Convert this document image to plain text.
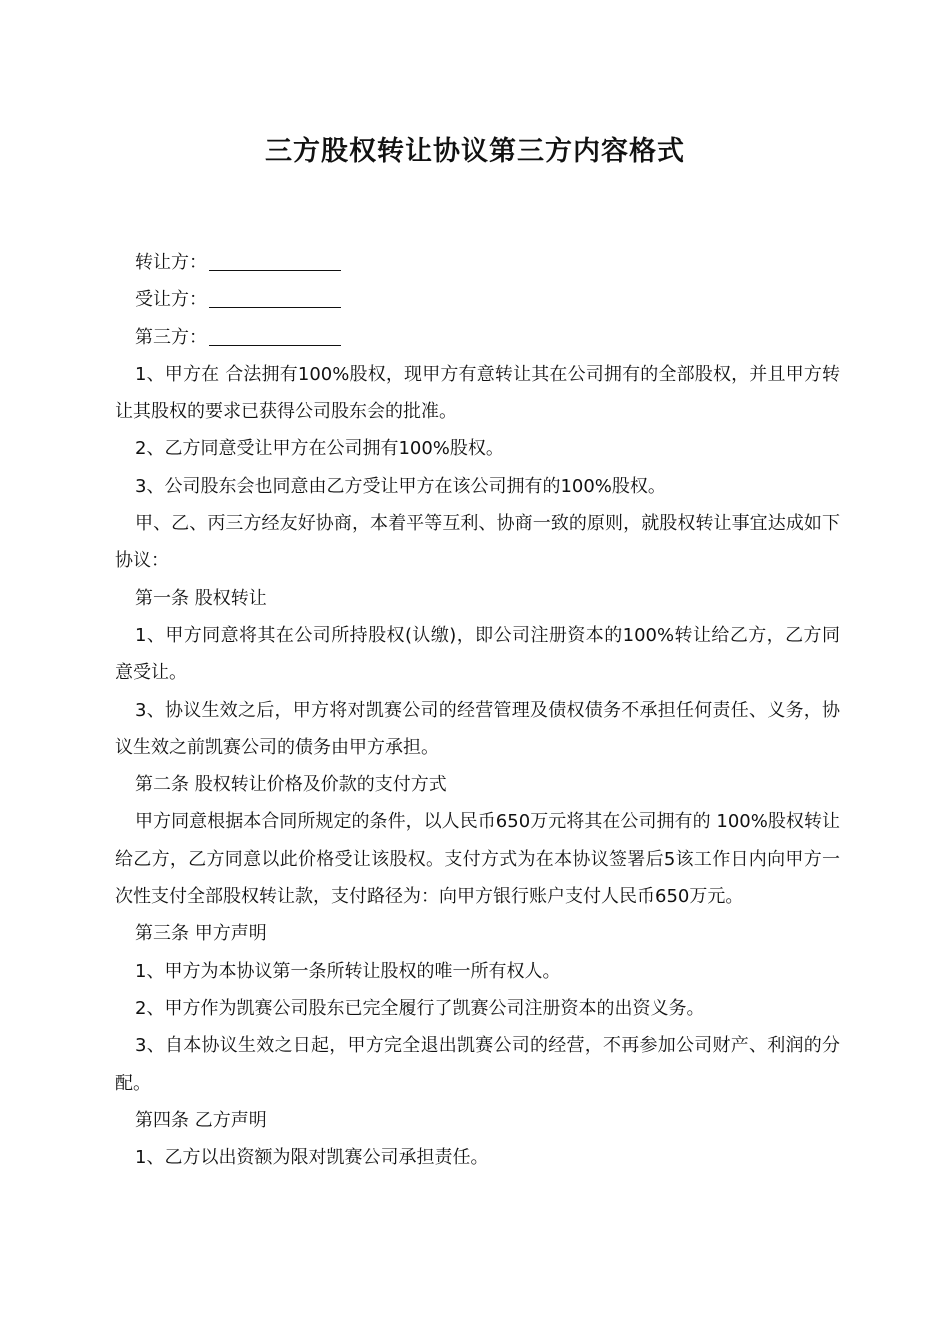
三方股权转让协议第三方内容格式

转让方：

受让方：

第三方：

1、甲方在 合法拥有100%股权，现甲方有意转让其在公司拥有的全部股权，并且甲方转让其股权的要求已获得公司股东会的批准。

2、乙方同意受让甲方在公司拥有100%股权。

3、公司股东会也同意由乙方受让甲方在该公司拥有的100%股权。

甲、乙、丙三方经友好协商，本着平等互利、协商一致的原则，就股权转让事宜达成如下协议：

第一条 股权转让

1、甲方同意将其在公司所持股权(认缴)，即公司注册资本的100%转让给乙方，乙方同意受让。

3、协议生效之后，甲方将对凯赛公司的经营管理及债权债务不承担任何责任、义务，协议生效之前凯赛公司的债务由甲方承担。

第二条 股权转让价格及价款的支付方式

甲方同意根据本合同所规定的条件，以人民币650万元将其在公司拥有的 100%股权转让给乙方，乙方同意以此价格受让该股权。支付方式为在本协议签署后5该工作日内向甲方一次性支付全部股权转让款，支付路径为：向甲方银行账户支付人民币650万元。

第三条 甲方声明

1、甲方为本协议第一条所转让股权的唯一所有权人。

2、甲方作为凯赛公司股东已完全履行了凯赛公司注册资本的出资义务。

3、自本协议生效之日起，甲方完全退出凯赛公司的经营，不再参加公司财产、利润的分配。

第四条 乙方声明

1、乙方以出资额为限对凯赛公司承担责任。
